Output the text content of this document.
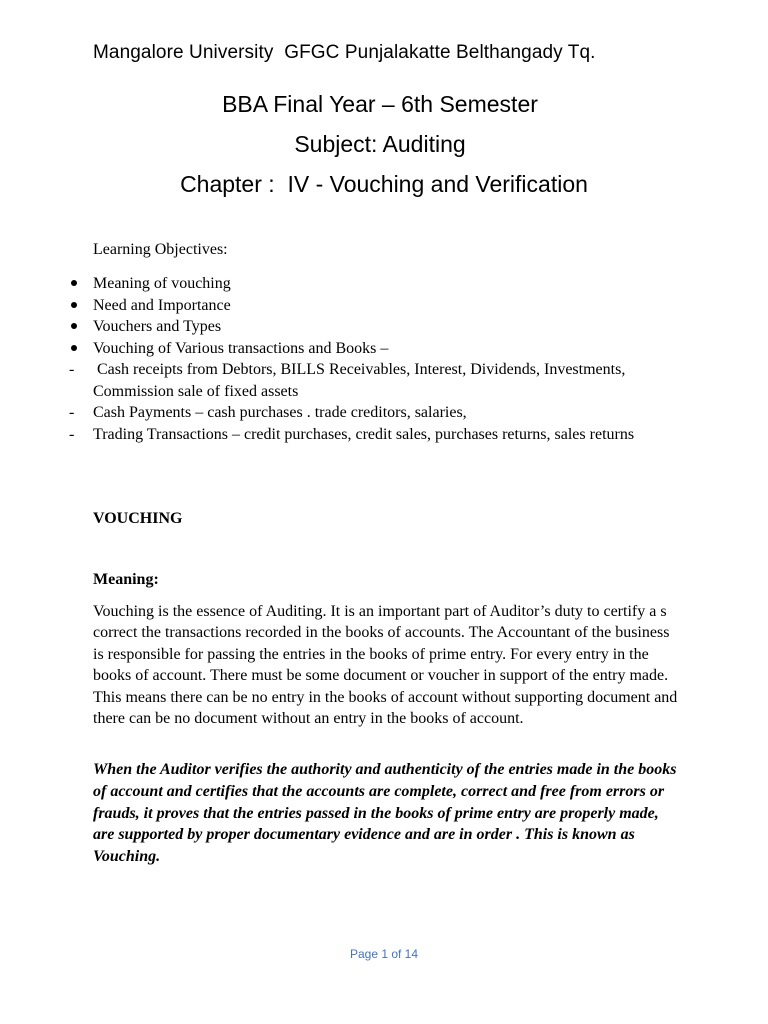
Mangalore University  GFGC Punjalakatte Belthangady Tq.
BBA Final Year – 6th Semester
Subject: Auditing
Chapter :  IV - Vouching and Verification
Learning Objectives:
Meaning of vouching
Need and Importance
Vouchers and Types
Vouching of Various transactions and Books –
-	Cash receipts from Debtors, BILLS Receivables, Interest, Dividends, Investments, Commission sale of fixed assets
-	Cash Payments – cash purchases . trade creditors, salaries,
-	Trading Transactions – credit purchases, credit sales, purchases returns, sales returns
VOUCHING
Meaning:

Vouching is the essence of Auditing. It is an important part of Auditor’s duty to certify a s correct the transactions recorded in the books of accounts. The Accountant of the business is responsible for passing the entries in the books of prime entry. For every entry in the books of account. There must be some document or voucher in support of the entry made. This means there can be no entry in the books of account without supporting document and there can be no document without an entry in the books of account.

When the Auditor verifies the authority and authenticity of the entries made in the books of account and certifies that the accounts are complete, correct and free from errors or frauds, it proves that the entries passed in the books of prime entry are properly made, are supported by proper documentary evidence and are in order . This is known as Vouching.

Page 1 of 14
